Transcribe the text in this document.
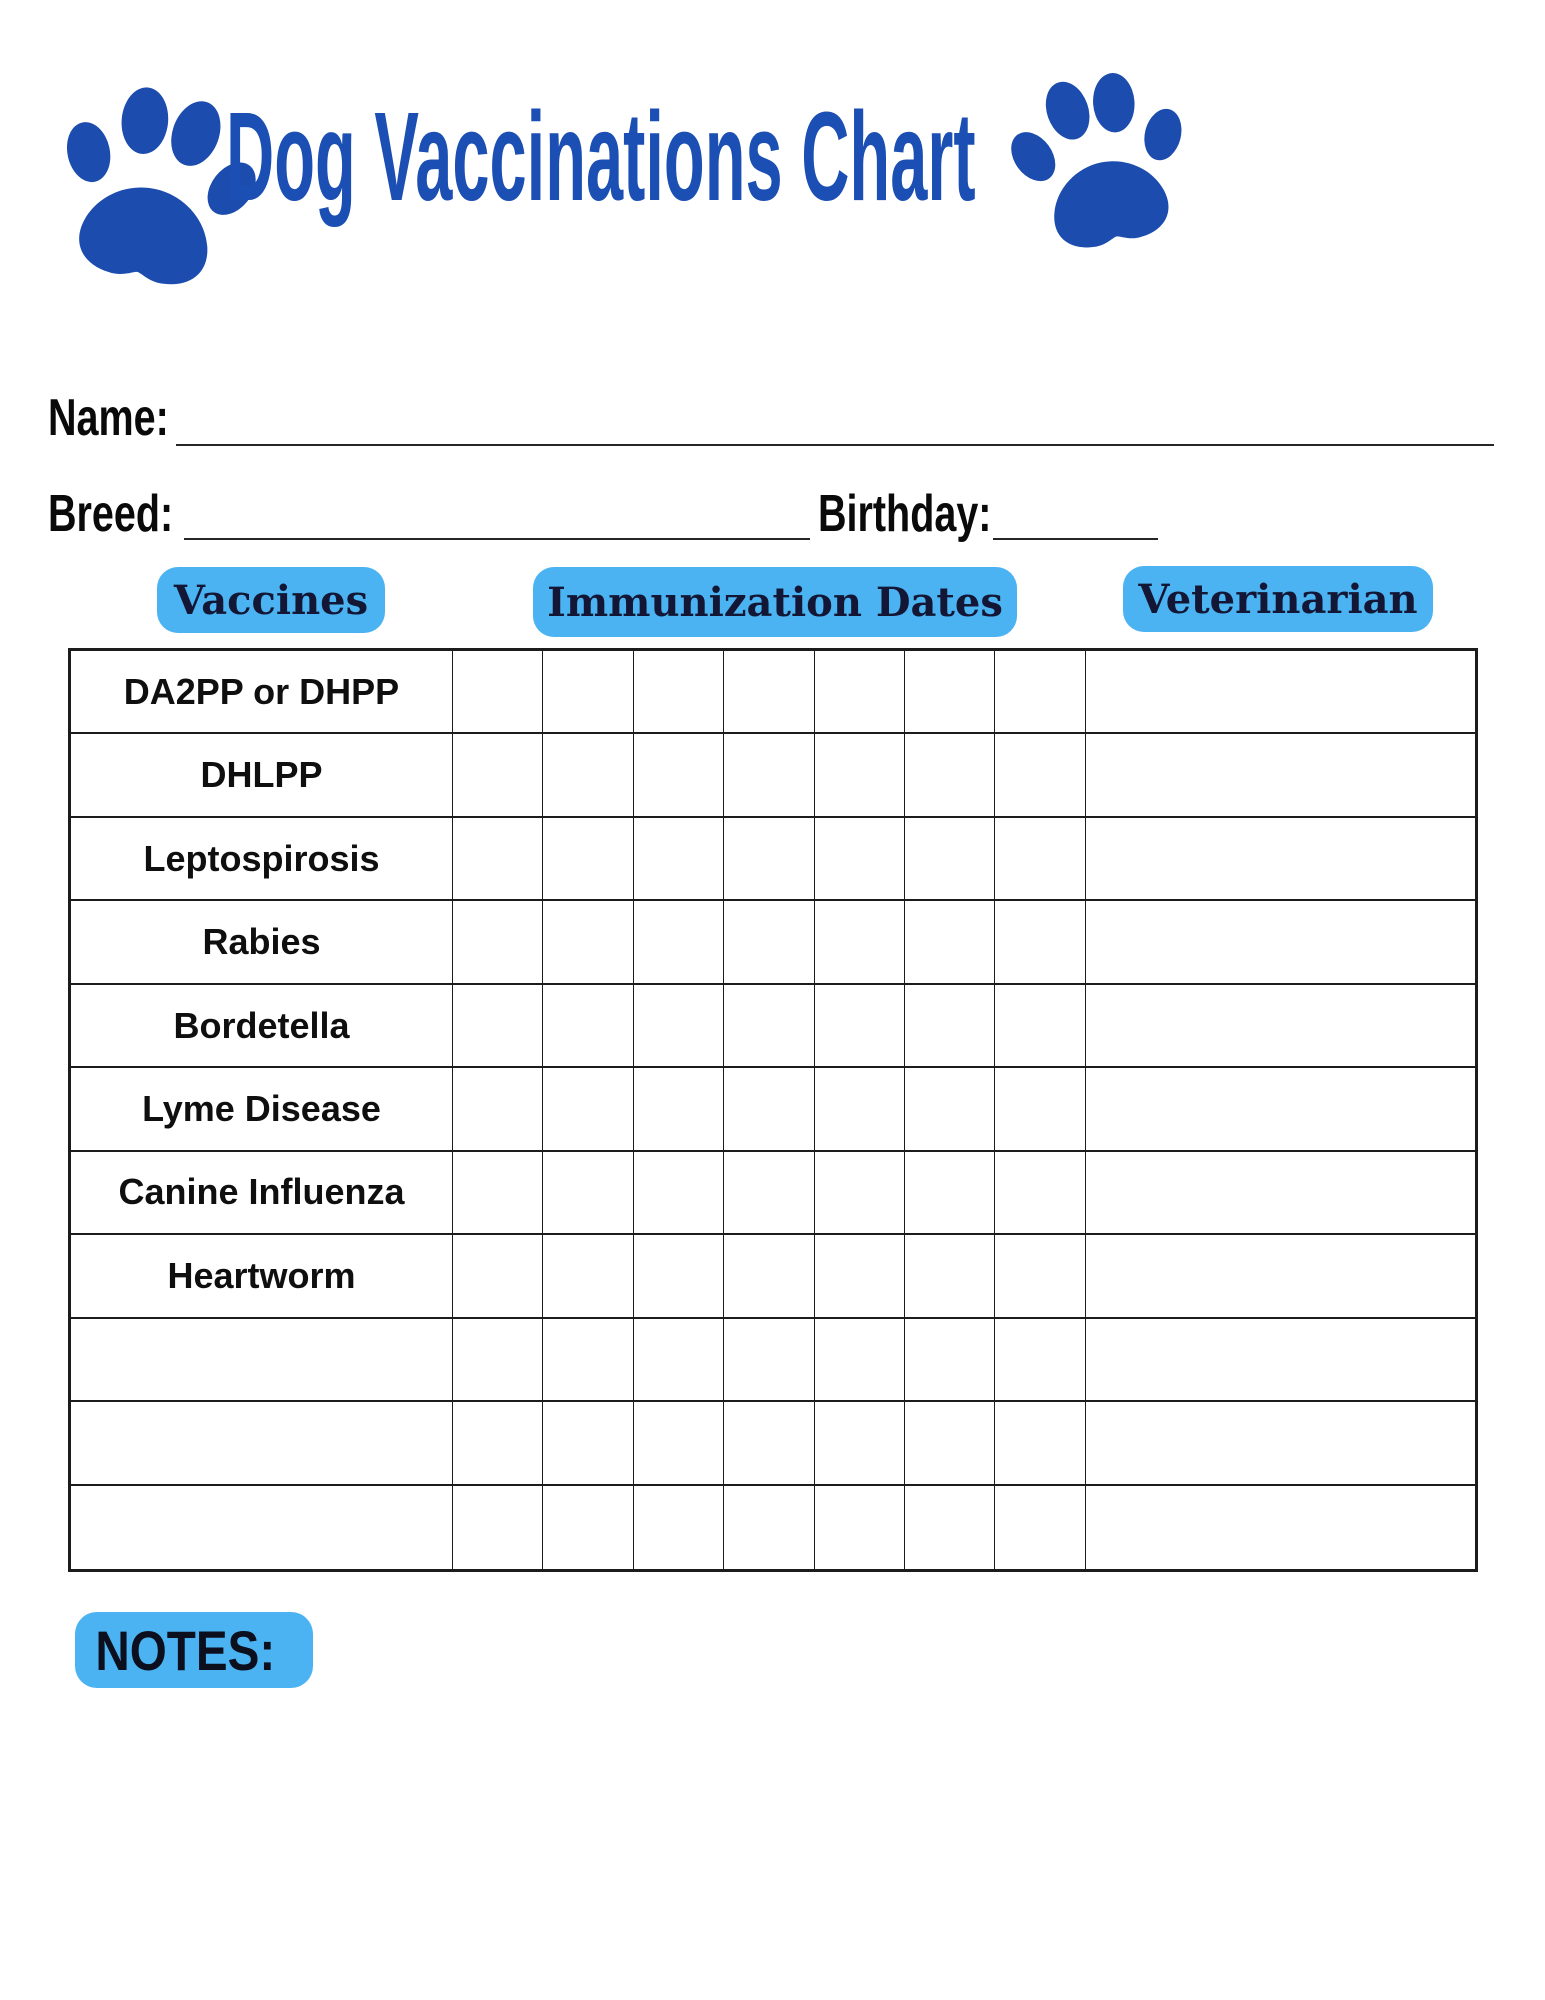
Dog Vaccinations Chart
Name:
Breed:	Birthday:
Vaccines	Immunization Dates	Veterinarian
DA2PP or DHPP
DHLPP
Leptospirosis
Rabies
Bordetella
Lyme Disease
Canine Influenza
Heartworm
NOTES:
